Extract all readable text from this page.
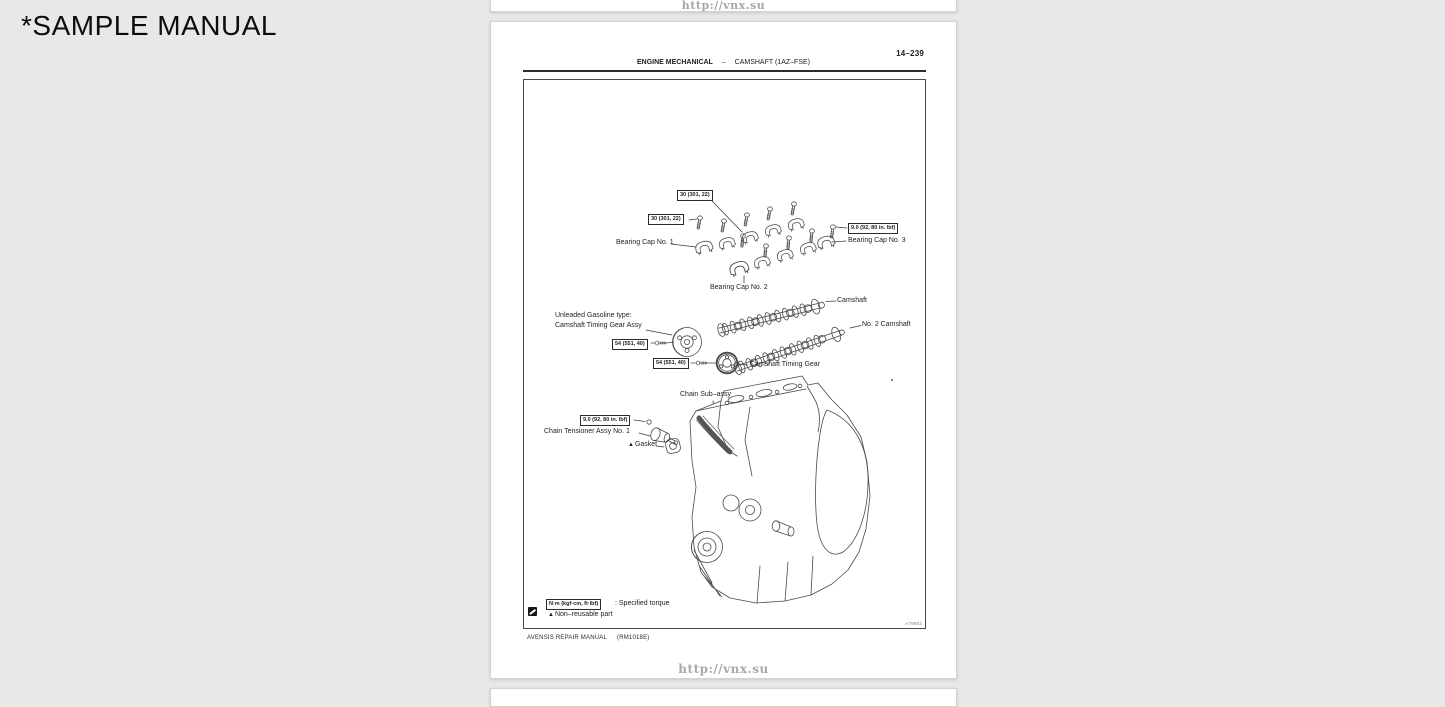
*SAMPLE MANUAL
http://vnx.su
14–239
ENGINE MECHANICAL – CAMSHAFT (1AZ–FSE)
30 (301, 22)
30 (301, 22)
9.0 (92, 80 in. lbf)
54 (551, 40)
54 (551, 40)
9.0 (92, 80 in. lbf)
Bearing Cap No. 1
Bearing Cap No. 2
Bearing Cap No. 3
Camshaft
No. 2 Camshaft
Unleaded Gasoline type:
Camshaft Timing Gear Assy
Camshaft Timing Gear
Chain Sub–assy
Chain Tensioner Assy No. 1
▲Gasket
N·m (kgf·cm, ft·lbf)	: Specified torque
▲Non–reusable part
A79802
AVENSIS REPAIR MANUAL (RM1018E)
http://vnx.su
